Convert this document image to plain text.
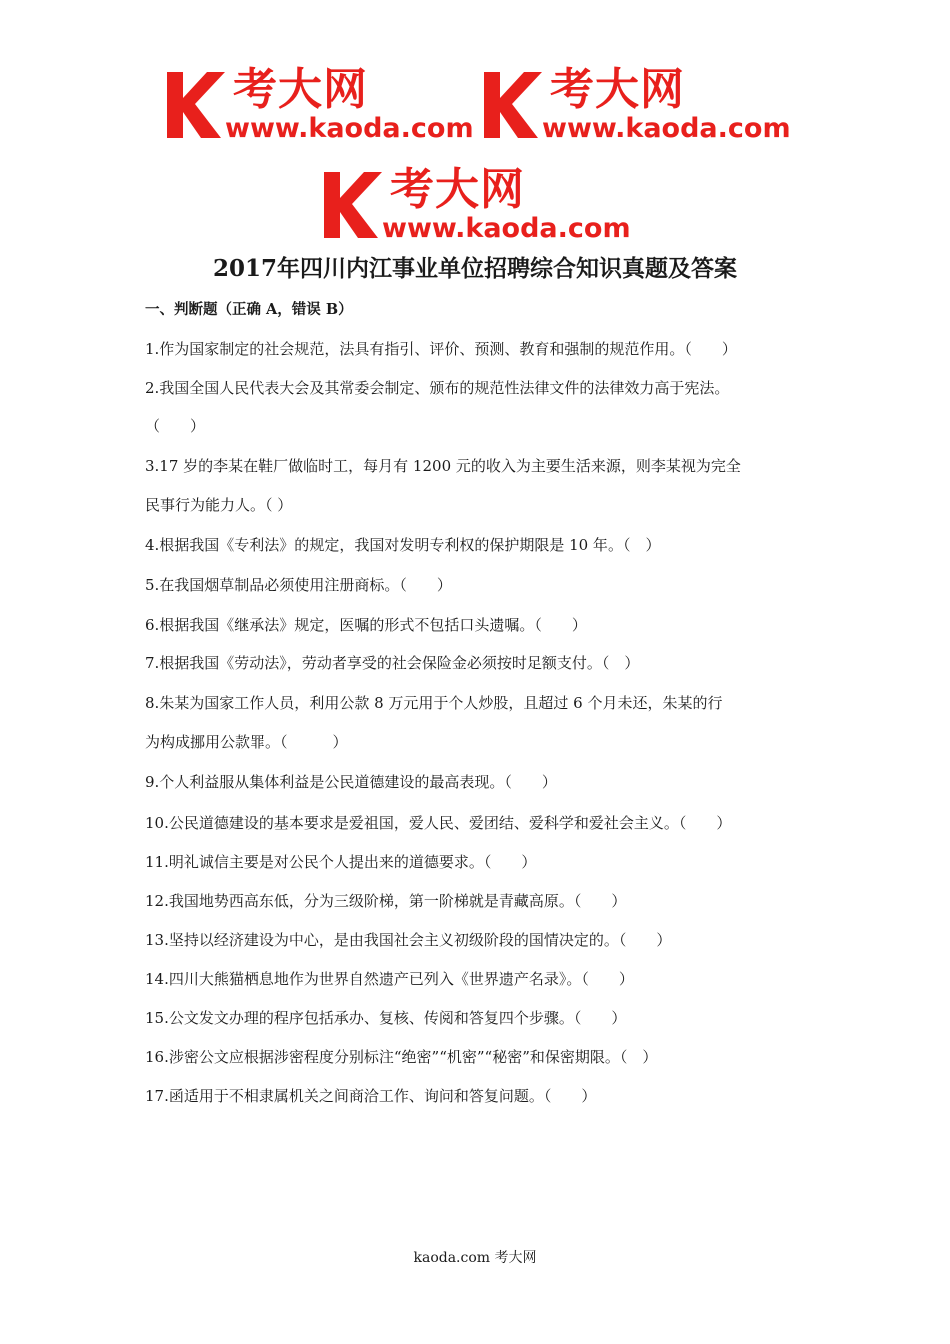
考大网
www.kaoda.com
考大网
www.kaoda.com
考大网
www.kaoda.com
2017年四川内江事业单位招聘综合知识真题及答案
一、判断题（正确 A，错误 B）
1.作为国家制定的社会规范，法具有指引、评价、预测、教育和强制的规范作用。（　　）
2.我国全国人民代表大会及其常委会制定、颁布的规范性法律文件的法律效力高于宪法。
（　　）
3.17 岁的李某在鞋厂做临时工，每月有 1200 元的收入为主要生活来源，则李某视为完全
民事行为能力人。（ ）
4.根据我国《专利法》的规定，我国对发明专利权的保护期限是 10 年。（　）
5.在我国烟草制品必须使用注册商标。（　　）
6.根据我国《继承法》规定，医嘱的形式不包括口头遗嘱。（　　）
7.根据我国《劳动法》，劳动者享受的社会保险金必须按时足额支付。（　）
8.朱某为国家工作人员，利用公款 8 万元用于个人炒股，且超过 6 个月未还，朱某的行
为构成挪用公款罪。（　　　）
9.个人利益服从集体利益是公民道德建设的最高表现。（　　）
10.公民道德建设的基本要求是爱祖国，爱人民、爱团结、爱科学和爱社会主义。（　　）
11.明礼诚信主要是对公民个人提出来的道德要求。（　　）
12.我国地势西高东低，分为三级阶梯，第一阶梯就是青藏高原。（　　）
13.坚持以经济建设为中心，是由我国社会主义初级阶段的国情决定的。（　　）
14.四川大熊猫栖息地作为世界自然遗产已列入《世界遗产名录》。（　　）
15.公文发文办理的程序包括承办、复核、传阅和答复四个步骤。（　　）
16.涉密公文应根据涉密程度分别标注“绝密”“机密”“秘密”和保密期限。（　）
17.函适用于不相隶属机关之间商洽工作、询问和答复问题。（　　）
kaoda.com 考大网
